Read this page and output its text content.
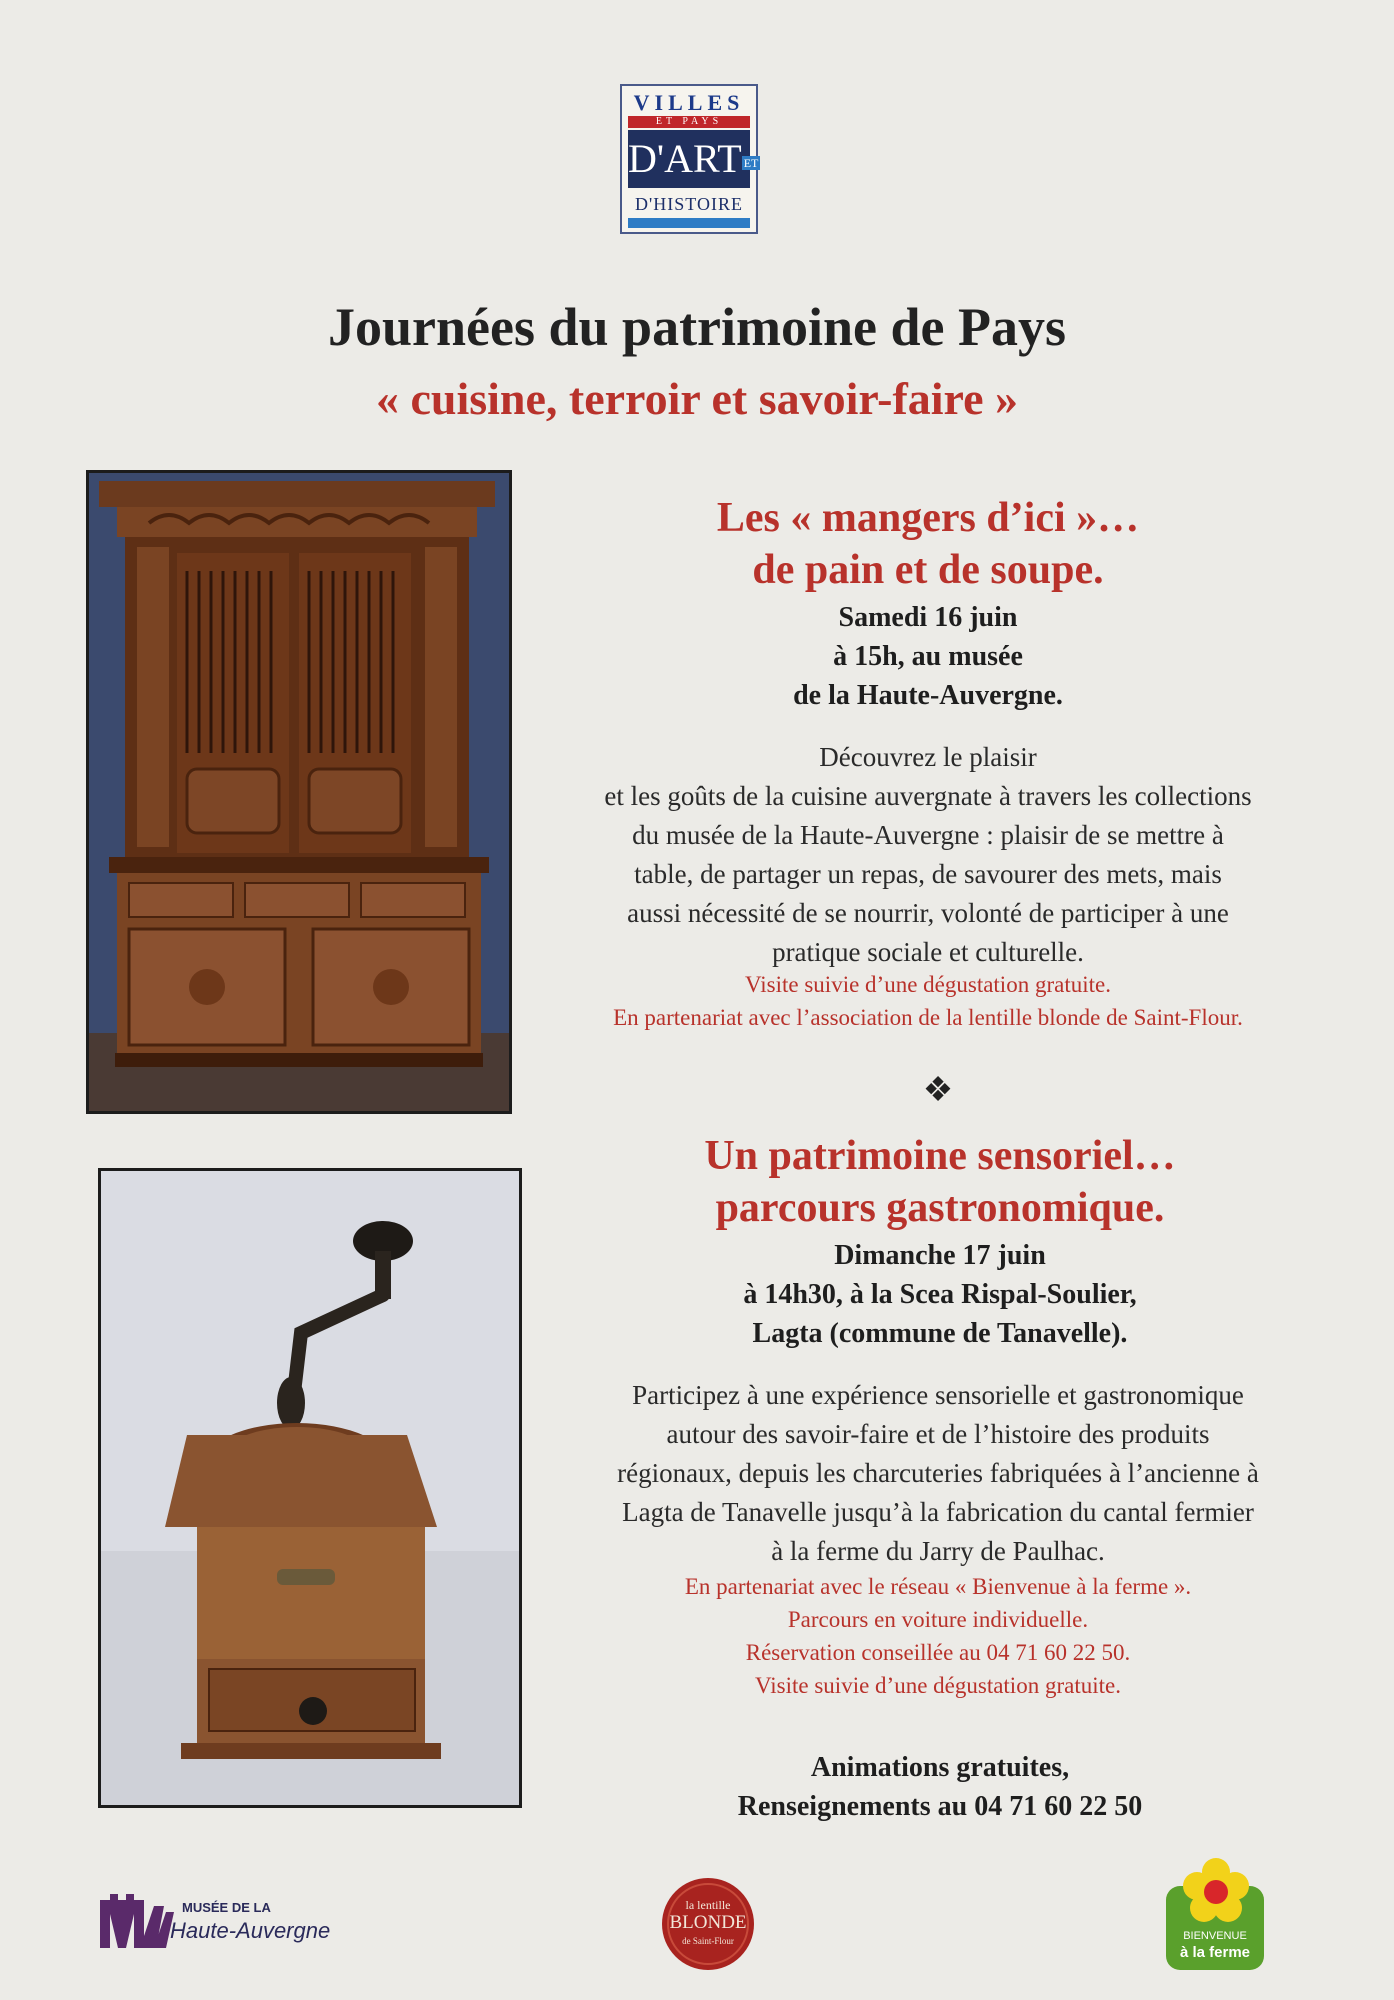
VILLES
ET PAYS
D'ART ET
D'HISTOIRE
Journées du patrimoine de Pays
« cuisine, terroir et savoir-faire »
Les « mangers d’ici »…
de pain et de soupe.
Samedi 16 juin
à 15h, au musée
de la Haute-Auvergne.
Découvrez le plaisir
et les goûts de la cuisine auvergnate à travers les collections
du musée de la Haute-Auvergne : plaisir de se mettre à
table, de partager un repas, de savourer des mets, mais
aussi nécessité de se nourrir, volonté de participer à une
pratique sociale et culturelle.
Visite suivie d’une dégustation gratuite.
En partenariat avec l’association de la lentille blonde de Saint-Flour.
❖
Un patrimoine sensoriel…
parcours gastronomique.
Dimanche 17 juin
à 14h30, à la Scea Rispal-Soulier,
Lagta (commune de Tanavelle).
Participez à une expérience sensorielle et gastronomique
autour des savoir-faire et de l’histoire des produits
régionaux, depuis les charcuteries fabriquées à l’ancienne à
Lagta de Tanavelle jusqu’à la fabrication du cantal fermier
à la ferme du Jarry de Paulhac.
En partenariat avec le réseau « Bienvenue à la ferme ».
Parcours en voiture individuelle.
Réservation conseillée au 04 71 60 22 50.
Visite suivie d’une dégustation gratuite.
Animations gratuites,
Renseignements au 04 71 60 22 50
MUSÉE DE LA
Haute-Auvergne
la lentille
BLONDE
de Saint-Flour	BIENVENUE
à la ferme
